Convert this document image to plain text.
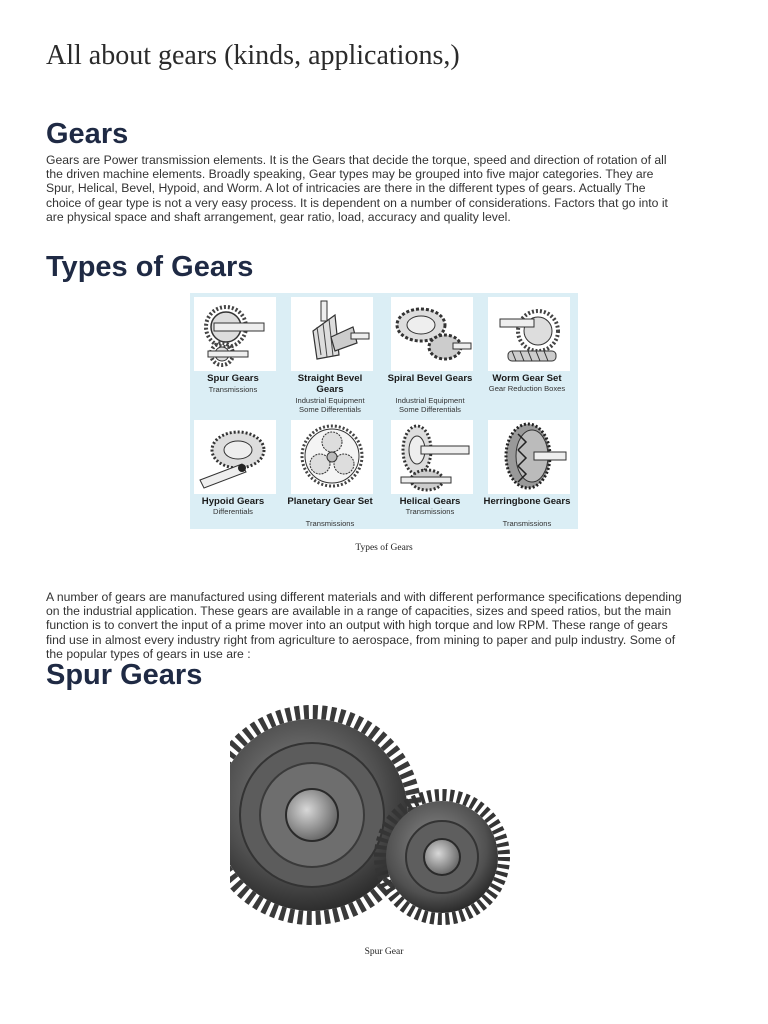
All about gears (kinds, applications,)
Gears
Gears are Power transmission elements. It is the Gears that decide the torque, speed and direction of rotation of all
the driven machine elements. Broadly speaking, Gear types may be grouped into five major categories. They are
Spur, Helical, Bevel, Hypoid, and Worm. A lot of intricacies are there in the different types of gears. Actually The
choice of gear type is not a very easy process. It is dependent on a number of considerations. Factors that go into it
are physical space and shaft arrangement, gear ratio, load, accuracy and quality level.
Types of Gears
Spur Gears
Transmissions
Straight Bevel Gears
Industrial Equipment
Some Differentials
Spiral Bevel Gears
Industrial Equipment
Some Differentials
Worm Gear Set
Gear Reduction Boxes
Hypoid Gears
Differentials
Planetary Gear Set
Transmissions
Helical Gears
Transmissions
Herringbone Gears
Transmissions
Types of Gears
A number of gears are manufactured using different materials and with different performance specifications depending
on the industrial application. These gears are available in a range of capacities, sizes and speed ratios, but the main
function is to convert the input of a prime mover into an output with high torque and low RPM. These range of gears
find use in almost every industry right from agriculture to aerospace, from mining to paper and pulp industry. Some of
the popular types of gears in use are :
Spur Gears
Spur Gear
